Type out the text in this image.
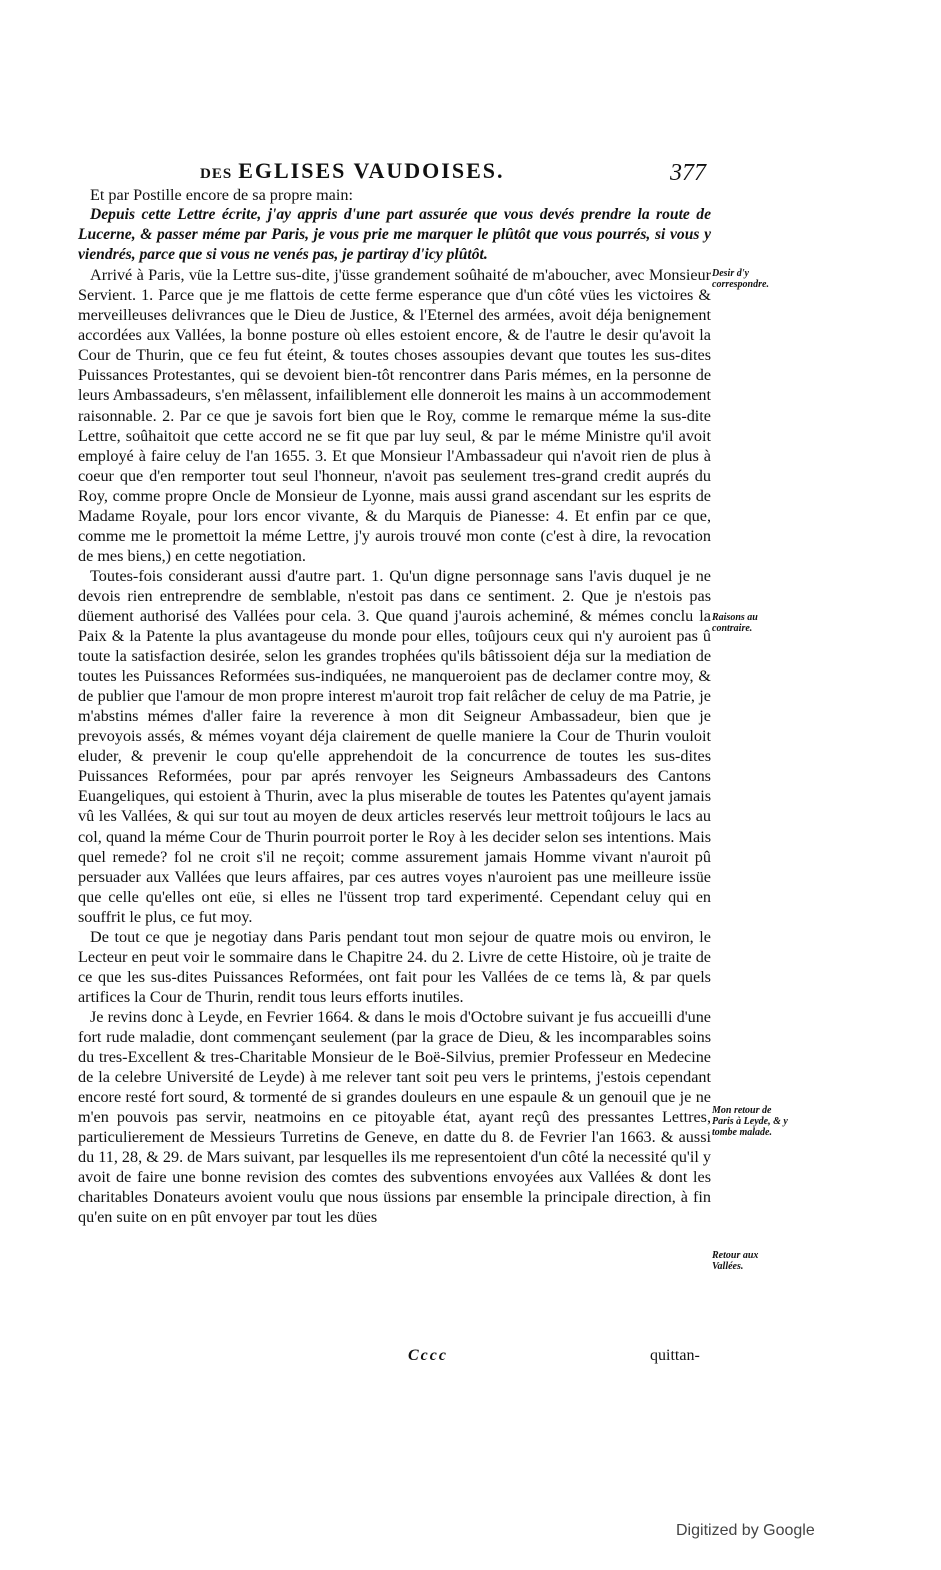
DES EGLISES VAUDOISES.	377

Et par Postille encore de sa propre main:

Depuis cette Lettre écrite, j'ay appris d'une part assurée que vous devés prendre la route de Lucerne, & passer méme par Paris, je vous prie me marquer le plûtôt que vous pourrés, si vous y viendrés, parce que si vous ne venés pas, je partiray d'icy plûtôt.

Arrivé à Paris, vüe la Lettre sus-dite, j'üsse grandement soûhaité de m'aboucher, avec Monsieur Servient. 1. Parce que je me flattois de cette ferme esperance que d'un côté vües les victoires & merveilleuses delivrances que le Dieu de Justice, & l'Eternel des armées, avoit déja benignement accordées aux Vallées, la bonne posture où elles estoient encore, & de l'autre le desir qu'avoit la Cour de Thurin, que ce feu fut éteint, & toutes choses assoupies devant que toutes les sus-dites Puissances Protestantes, qui se devoient bien-tôt rencontrer dans Paris mémes, en la personne de leurs Ambassadeurs, s'en mêlassent, infailiblement elle donneroit les mains à un accommodement raisonnable. 2. Par ce que je savois fort bien que le Roy, comme le remarque méme la sus-dite Lettre, soûhaitoit que cette accord ne se fit que par luy seul, & par le méme Ministre qu'il avoit employé à faire celuy de l'an 1655. 3. Et que Monsieur l'Ambassadeur qui n'avoit rien de plus à coeur que d'en remporter tout seul l'honneur, n'avoit pas seulement tres-grand credit auprés du Roy, comme propre Oncle de Monsieur de Lyonne, mais aussi grand ascendant sur les esprits de Madame Royale, pour lors encor vivante, & du Marquis de Pianesse: 4. Et enfin par ce que, comme me le promettoit la méme Lettre, j'y aurois trouvé mon conte (c'est à dire, la revocation de mes biens,) en cette negotiation.

Toutes-fois considerant aussi d'autre part. 1. Qu'un digne personnage sans l'avis duquel je ne devois rien entreprendre de semblable, n'estoit pas dans ce sentiment. 2. Que je n'estois pas düement authorisé des Vallées pour cela. 3. Que quand j'aurois acheminé, & mémes conclu la Paix & la Patente la plus avantageuse du monde pour elles, toûjours ceux qui n'y auroient pas û toute la satisfaction desirée, selon les grandes trophées qu'ils bâtissoient déja sur la mediation de toutes les Puissances Reformées sus-indiquées, ne manqueroient pas de declamer contre moy, & de publier que l'amour de mon propre interest m'auroit trop fait relâcher de celuy de ma Patrie, je m'abstins mémes d'aller faire la reverence à mon dit Seigneur Ambassadeur, bien que je prevoyois assés, & mémes voyant déja clairement de quelle maniere la Cour de Thurin vouloit eluder, & prevenir le coup qu'elle apprehendoit de la concurrence de toutes les sus-dites Puissances Reformées, pour par aprés renvoyer les Seigneurs Ambassadeurs des Cantons Euangeliques, qui estoient à Thurin, avec la plus miserable de toutes les Patentes qu'ayent jamais vû les Vallées, & qui sur tout au moyen de deux articles reservés leur mettroit toûjours le lacs au col, quand la méme Cour de Thurin pourroit porter le Roy à les decider selon ses intentions. Mais quel remede? fol ne croit s'il ne reçoit; comme assurement jamais Homme vivant n'auroit pû persuader aux Vallées que leurs affaires, par ces autres voyes n'auroient pas une meilleure issüe que celle qu'elles ont eüe, si elles ne l'üssent trop tard experimenté. Cependant celuy qui en souffrit le plus, ce fut moy.

De tout ce que je negotiay dans Paris pendant tout mon sejour de quatre mois ou environ, le Lecteur en peut voir le sommaire dans le Chapitre 24. du 2. Livre de cette Histoire, où je traite de ce que les sus-dites Puissances Reformées, ont fait pour les Vallées de ce tems là, & par quels artifices la Cour de Thurin, rendit tous leurs efforts inutiles.

Je revins donc à Leyde, en Fevrier 1664. & dans le mois d'Octobre suivant je fus accueilli d'une fort rude maladie, dont commençant seulement (par la grace de Dieu, & les incomparables soins du tres-Excellent & tres-Charitable Monsieur de le Boë-Silvius, premier Professeur en Medecine de la celebre Université de Leyde) à me relever tant soit peu vers le printems, j'estois cependant encore resté fort sourd, & tormenté de si grandes douleurs en une espaule & un genouil que je ne m'en pouvois pas servir, neatmoins en ce pitoyable état, ayant reçû des pressantes Lettres, particulierement de Messieurs Turretins de Geneve, en datte du 8. de Fevrier l'an 1663. & aussi du 11, 28, & 29. de Mars suivant, par lesquelles ils me representoient d'un côté la necessité qu'il y avoit de faire une bonne revision des comtes des subventions envoyées aux Vallées & dont les charitables Donateurs avoient voulu que nous üssions par ensemble la principale direction, à fin qu'en suite on en pût envoyer par tout les dües

Desir d'y correspondre.
Raisons au contraire.
Mon retour de Paris à Leyde, & y tombe malade.
Retour aux Vallées.
Cccc	quittan-
Digitized by Google
